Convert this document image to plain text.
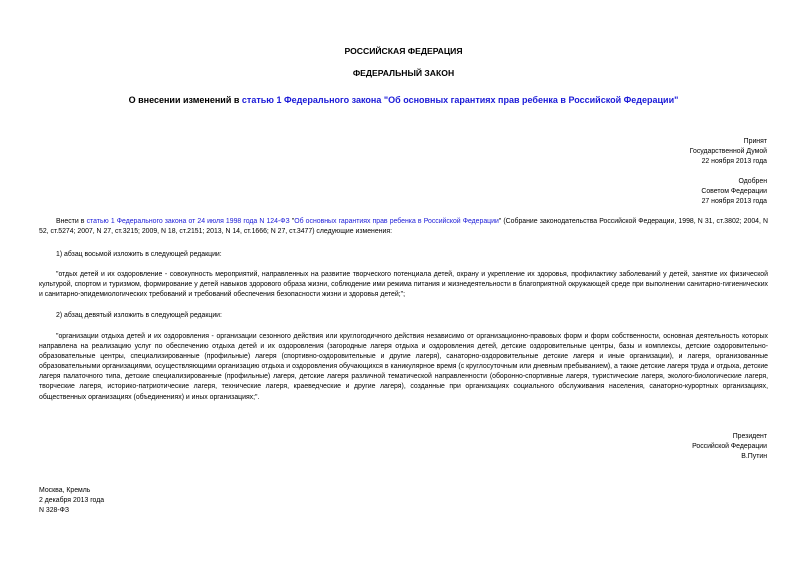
РОССИЙСКАЯ ФЕДЕРАЦИЯ
ФЕДЕРАЛЬНЫЙ ЗАКОН
О внесении изменений в статью 1 Федерального закона "Об основных гарантиях прав ребенка в Российской Федерации"
Принят
Государственной Думой
22 ноября 2013 года
Одобрен
Советом Федерации
27 ноября 2013 года
Внести в статью 1 Федерального закона от 24 июля 1998 года N 124-ФЗ "Об основных гарантиях прав ребенка в Российской Федерации" (Собрание законодательства Российской Федерации, 1998, N 31, ст.3802; 2004, N 52, ст.5274; 2007, N 27, ст.3215; 2009, N 18, ст.2151; 2013, N 14, ст.1666; N 27, ст.3477) следующие изменения:
1) абзац восьмой изложить в следующей редакции:
"отдых детей и их оздоровление - совокупность мероприятий, направленных на развитие творческого потенциала детей, охрану и укрепление их здоровья, профилактику заболеваний у детей, занятие их физической культурой, спортом и туризмом, формирование у детей навыков здорового образа жизни, соблюдение ими режима питания и жизнедеятельности в благоприятной окружающей среде при выполнении санитарно-гигиенических и санитарно-эпидемиологических требований и требований обеспечения безопасности жизни и здоровья детей;";
2) абзац девятый изложить в следующей редакции:
"организации отдыха детей и их оздоровления - организации сезонного действия или круглогодичного действия независимо от организационно-правовых форм и форм собственности, основная деятельность которых направлена на реализацию услуг по обеспечению отдыха детей и их оздоровления (загородные лагеря отдыха и оздоровления детей, детские оздоровительные центры, базы и комплексы, детские оздоровительно-образовательные центры, специализированные (профильные) лагеря (спортивно-оздоровительные и другие лагеря), санаторно-оздоровительные детские лагеря и иные организации), и лагеря, организованные образовательными организациями, осуществляющими организацию отдыха и оздоровления обучающихся в каникулярное время (с круглосуточным или дневным пребыванием), а также детские лагеря труда и отдыха, детские лагеря палаточного типа, детские специализированные (профильные) лагеря, детские лагеря различной тематической направленности (оборонно-спортивные лагеря, туристические лагеря, эколого-биологические лагеря, творческие лагеря, историко-патриотические лагеря, технические лагеря, краеведческие и другие лагеря), созданные при организациях социального обслуживания населения, санаторно-курортных организациях, общественных организациях (объединениях) и иных организациях;".
Президент
Российской Федерации
В.Путин
Москва, Кремль
2 декабря 2013 года
N 328-ФЗ
